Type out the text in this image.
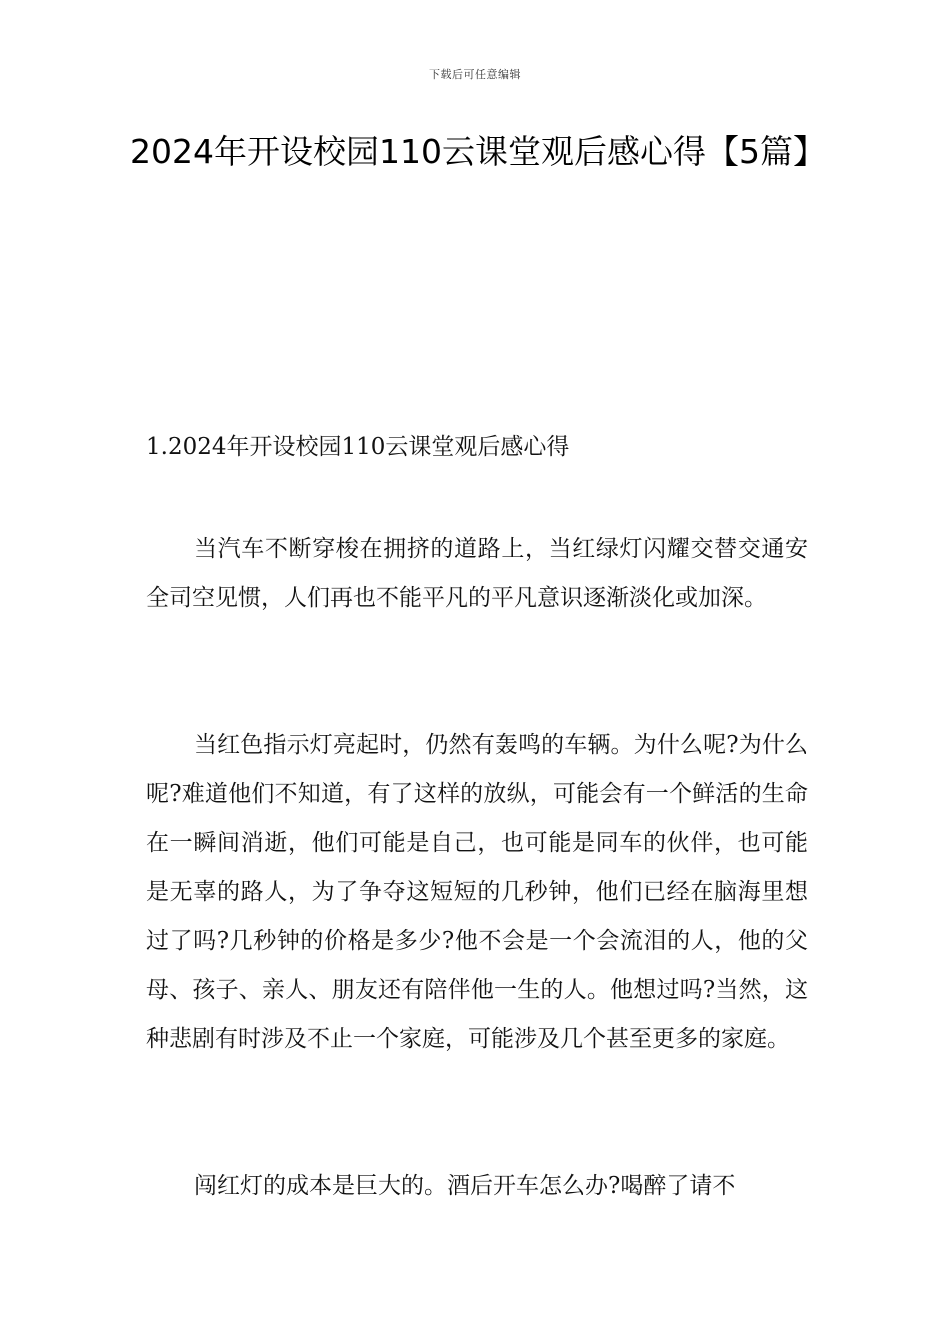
下载后可任意编辑
2024年开设校园110云课堂观后感心得【5篇】

1.2024年开设校园110云课堂观后感心得

当汽车不断穿梭在拥挤的道路上，当红绿灯闪耀交替交通安全司空见惯，人们再也不能平凡的平凡意识逐渐淡化或加深。

当红色指示灯亮起时，仍然有轰鸣的车辆。为什么呢?为什么呢?难道他们不知道，有了这样的放纵，可能会有一个鲜活的生命在一瞬间消逝，他们可能是自己，也可能是同车的伙伴，也可能是无辜的路人，为了争夺这短短的几秒钟，他们已经在脑海里想过了吗?几秒钟的价格是多少?他不会是一个会流泪的人，他的父母、孩子、亲人、朋友还有陪伴他一生的人。他想过吗?当然，这种悲剧有时涉及不止一个家庭，可能涉及几个甚至更多的家庭。

闯红灯的成本是巨大的。酒后开车怎么办?喝醉了请不
